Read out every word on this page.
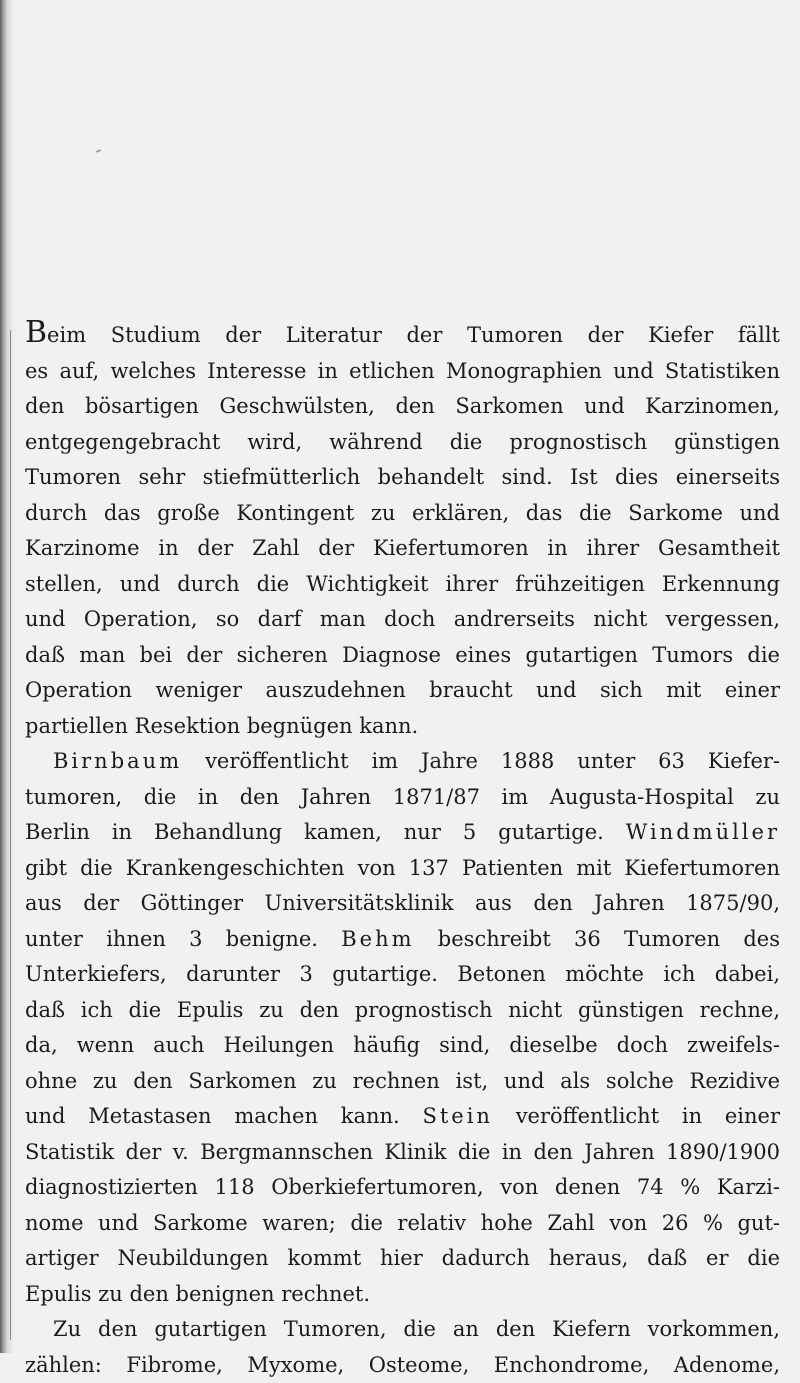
Beim Studium der Literatur der Tumoren der Kiefer fällt
es auf, welches Interesse in etlichen Monographien und Statistiken
den bösartigen Geschwülsten, den Sarkomen und Karzinomen,
entgegengebracht wird, während die prognostisch günstigen
Tumoren sehr stiefmütterlich behandelt sind. Ist dies einerseits
durch das große Kontingent zu erklären, das die Sarkome und
Karzinome in der Zahl der Kiefertumoren in ihrer Gesamtheit
stellen, und durch die Wichtigkeit ihrer frühzeitigen Erkennung
und Operation, so darf man doch andrerseits nicht vergessen,
daß man bei der sicheren Diagnose eines gutartigen Tumors die
Operation weniger auszudehnen braucht und sich mit einer
partiellen Resektion begnügen kann.
Birnbaum veröffentlicht im Jahre 1888 unter 63 Kiefer-
tumoren, die in den Jahren 1871/87 im Augusta-Hospital zu
Berlin in Behandlung kamen, nur 5 gutartige. Windmüller
gibt die Krankengeschichten von 137 Patienten mit Kiefertumoren
aus der Göttinger Universitätsklinik aus den Jahren 1875/90,
unter ihnen 3 benigne. Behm beschreibt 36 Tumoren des
Unterkiefers, darunter 3 gutartige. Betonen möchte ich dabei,
daß ich die Epulis zu den prognostisch nicht günstigen rechne,
da, wenn auch Heilungen häufig sind, dieselbe doch zweifels-
ohne zu den Sarkomen zu rechnen ist, und als solche Rezidive
und Metastasen machen kann. Stein veröffentlicht in einer
Statistik der v. Bergmannschen Klinik die in den Jahren 1890/1900
diagnostizierten 118 Oberkiefertumoren, von denen 74 % Karzi-
nome und Sarkome waren; die relativ hohe Zahl von 26 % gut-
artiger Neubildungen kommt hier dadurch heraus, daß er die
Epulis zu den benignen rechnet.
Zu den gutartigen Tumoren, die an den Kiefern vorkommen,
zählen: Fibrome, Myxome, Osteome, Enchondrome, Adenome,
